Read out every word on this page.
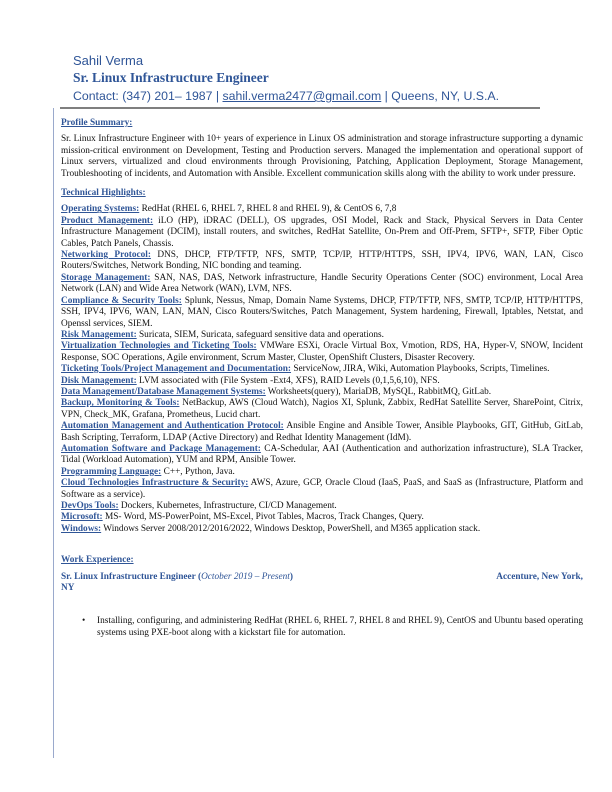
Sahil Verma

Sr. Linux Infrastructure Engineer

Contact: (347) 201– 1987 | sahil.verma2477@gmail.com | Queens, NY, U.S.A.

Profile Summary:

Sr. Linux Infrastructure Engineer with 10+ years of experience in Linux OS administration and storage infrastructure supporting a dynamic mission-critical environment on Development, Testing and Production servers. Managed the implementation and operational support of Linux servers, virtualized and cloud environments through Provisioning, Patching, Application Deployment, Storage Management, Troubleshooting of incidents, and Automation with Ansible. Excellent communication skills along with the ability to work under pressure.

Technical Highlights:

Operating Systems: RedHat (RHEL 6, RHEL 7, RHEL 8 and RHEL 9), & CentOS 6, 7,8

Product Management: iLO (HP), iDRAC (DELL), OS upgrades, OSI Model, Rack and Stack, Physical Servers in Data Center Infrastructure Management (DCIM), install routers, and switches, RedHat Satellite, On-Prem and Off-Prem, SFTP+, SFTP, Fiber Optic Cables, Patch Panels, Chassis.

Networking Protocol: DNS, DHCP, FTP/TFTP, NFS, SMTP, TCP/IP, HTTP/HTTPS, SSH, IPV4, IPV6, WAN, LAN, Cisco Routers/Switches, Network Bonding, NIC bonding and teaming.

Storage Management: SAN, NAS, DAS, Network infrastructure, Handle Security Operations Center (SOC) environment, Local Area Network (LAN) and Wide Area Network (WAN), LVM, NFS.

Compliance & Security Tools: Splunk, Nessus, Nmap, Domain Name Systems, DHCP, FTP/TFTP, NFS, SMTP, TCP/IP, HTTP/HTTPS, SSH, IPV4, IPV6, WAN, LAN, MAN, Cisco Routers/Switches, Patch Management, System hardening, Firewall, Iptables, Netstat, and Openssl services, SIEM.

Risk Management: Suricata, SIEM, Suricata, safeguard sensitive data and operations.

Virtualization Technologies and Ticketing Tools: VMWare ESXi, Oracle Virtual Box, Vmotion, RDS, HA, Hyper-V, SNOW, Incident Response, SOC Operations, Agile environment, Scrum Master, Cluster, OpenShift Clusters, Disaster Recovery.

Ticketing Tools/Project Management and Documentation: ServiceNow, JIRA, Wiki, Automation Playbooks, Scripts, Timelines.

Disk Management: LVM associated with (File System -Ext4, XFS), RAID Levels (0,1,5,6,10), NFS.

Data Management/Database Management Systems: Worksheets(query), MariaDB, MySQL, RabbitMQ, GitLab.

Backup, Monitoring & Tools: NetBackup, AWS (Cloud Watch), Nagios XI, Splunk, Zabbix, RedHat Satellite Server, SharePoint, Citrix, VPN, Check_MK, Grafana, Prometheus, Lucid chart.

Automation Management and Authentication Protocol: Ansible Engine and Ansible Tower, Ansible Playbooks, GIT, GitHub, GitLab, Bash Scripting, Terraform, LDAP (Active Directory) and Redhat Identity Management (IdM).

Automation Software and Package Management: CA-Schedular, AAI (Authentication and authorization infrastructure), SLA Tracker, Tidal (Workload Automation), YUM and RPM, Ansible Tower.

Programming Language: C++, Python, Java.

Cloud Technologies Infrastructure & Security: AWS, Azure, GCP, Oracle Cloud (IaaS, PaaS, and SaaS as (Infrastructure, Platform and Software as a service).

DevOps Tools: Dockers, Kubernetes, Infrastructure, CI/CD Management.

Microsoft: MS- Word, MS-PowerPoint, MS-Excel, Pivot Tables, Macros, Track Changes, Query.

Windows: Windows Server 2008/2012/2016/2022, Windows Desktop, PowerShell, and M365 application stack.

Work Experience:

Sr. Linux Infrastructure Engineer (October 2019 – Present)	Accenture, New York,
NY
• Installing, configuring, and administering RedHat (RHEL 6, RHEL 7, RHEL 8 and RHEL 9), CentOS and Ubuntu based operating systems using PXE-boot along with a kickstart file for automation.
